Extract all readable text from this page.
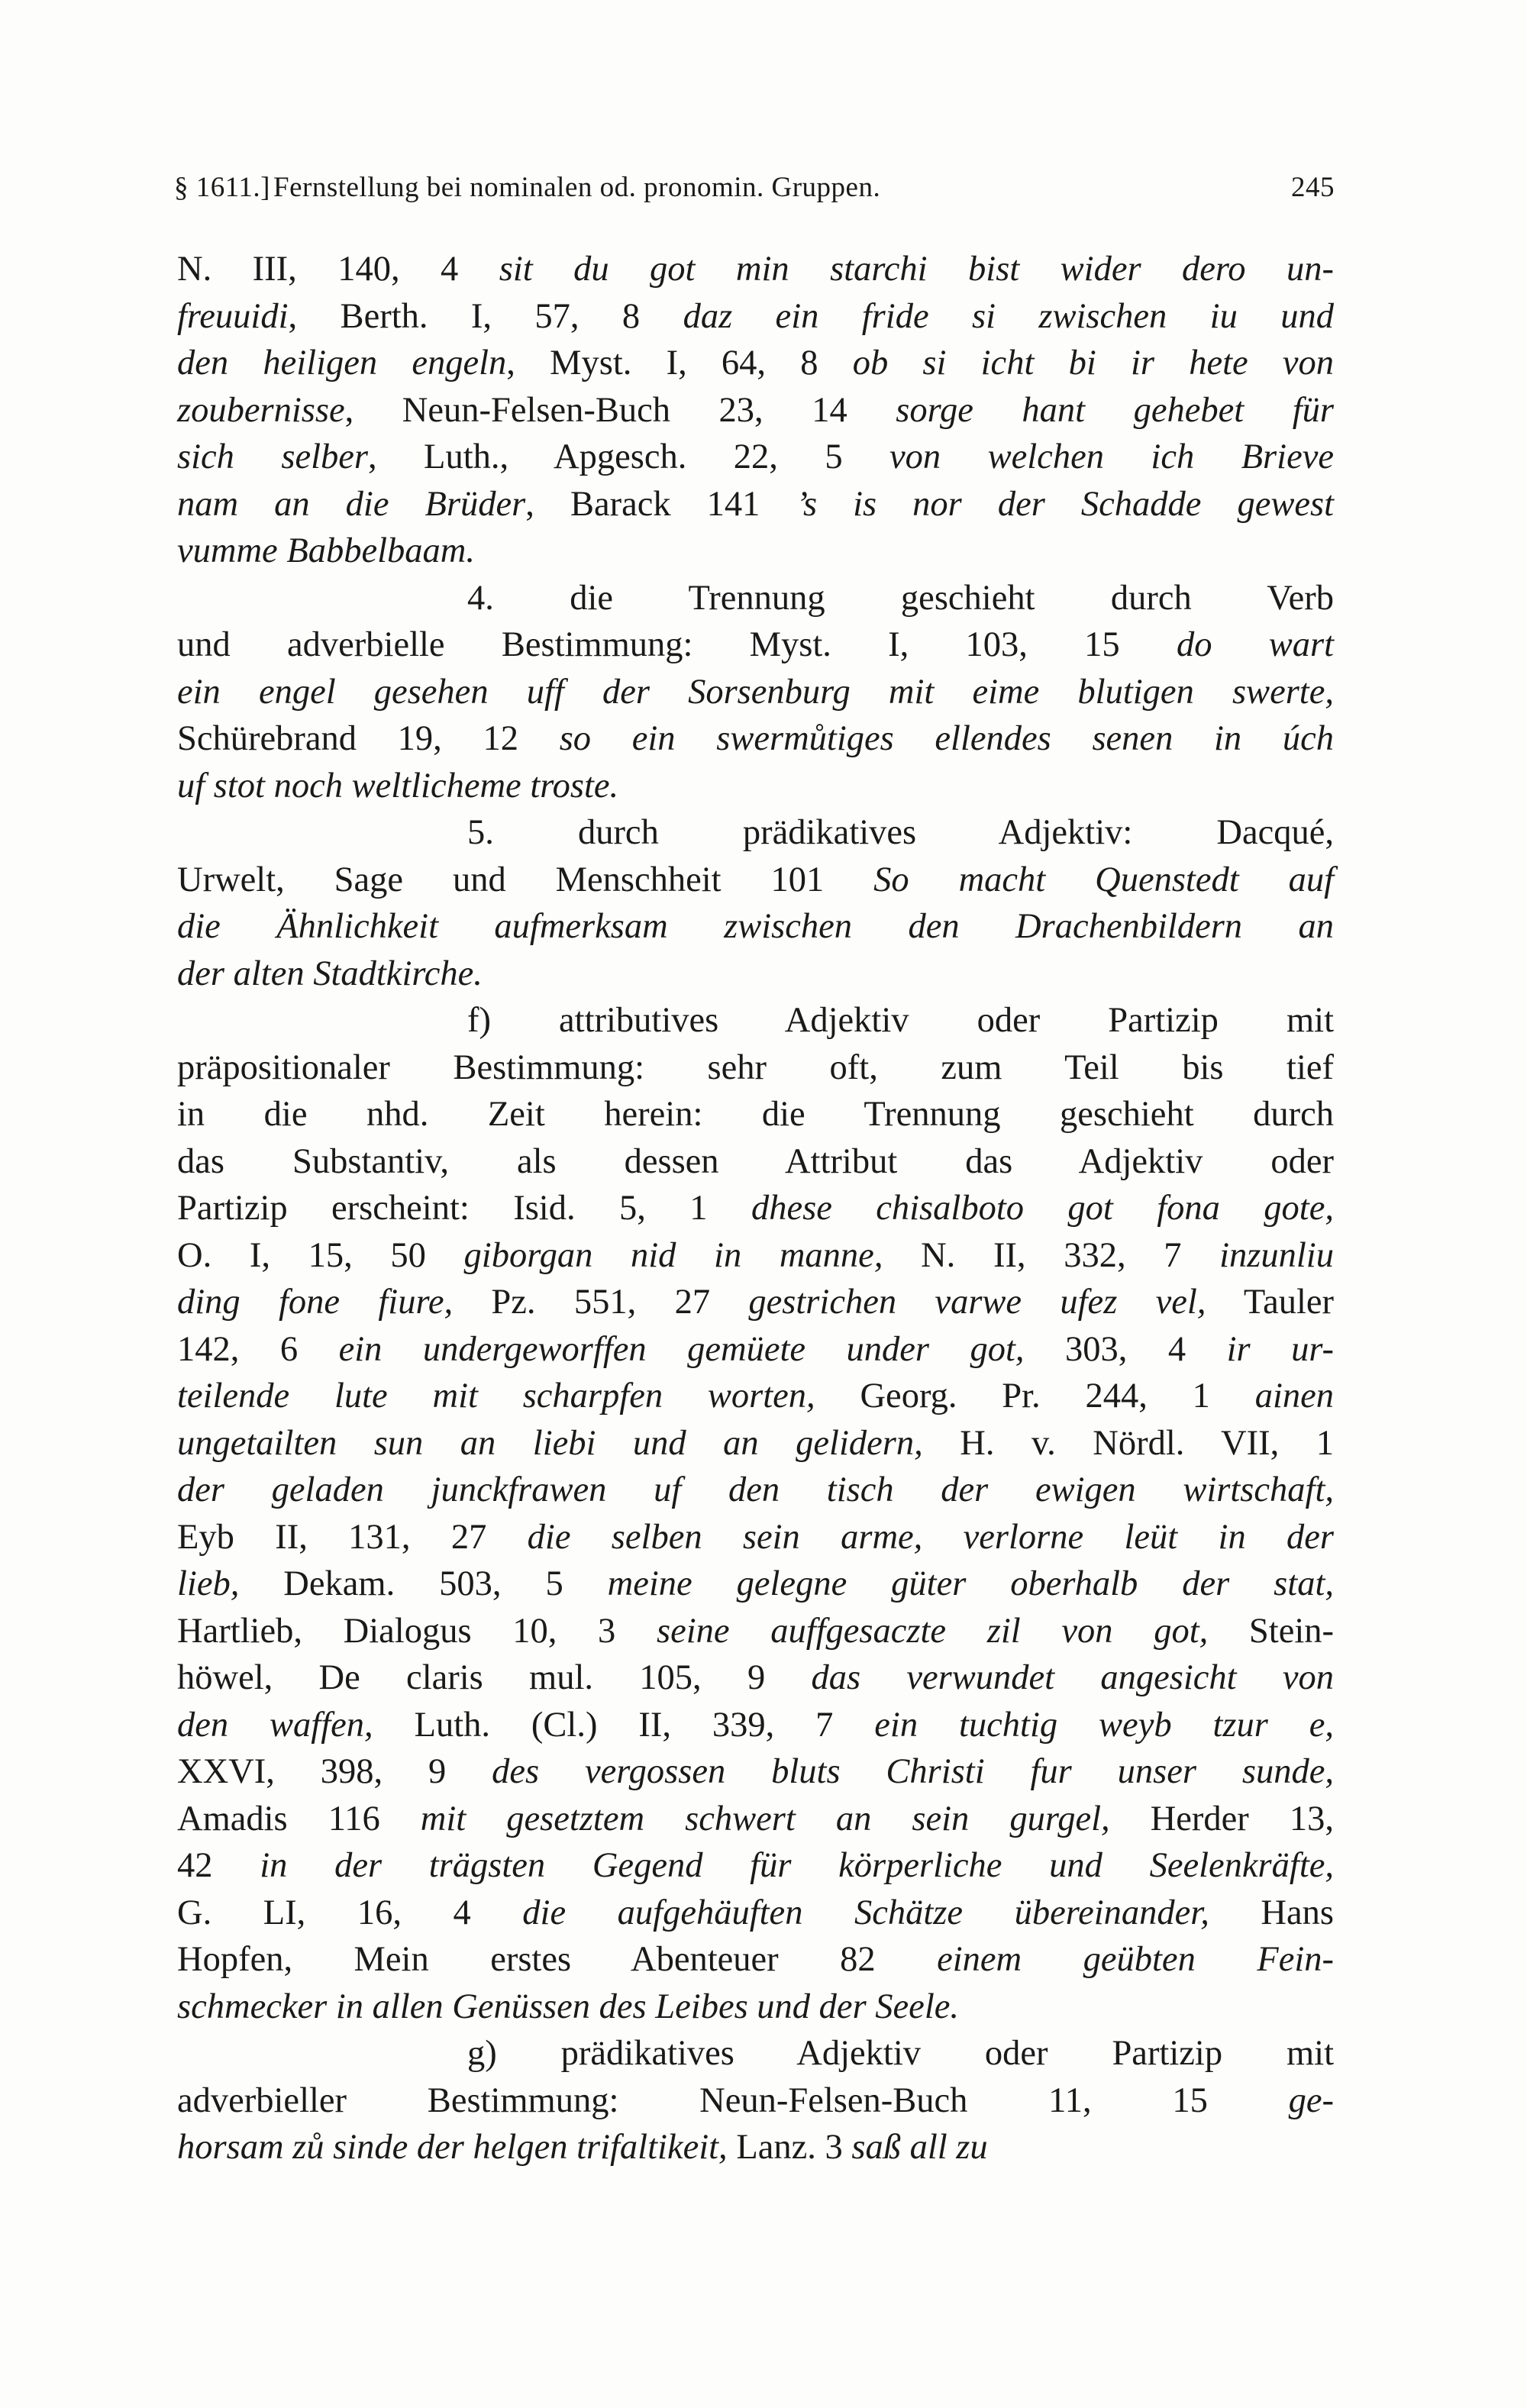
§ 1611.] Fernstellung bei nominalen od. pronomin. Gruppen.	245
N. III, 140, 4 sit du got min starchi bist wider dero un-
freuuidi, Berth. I, 57, 8 daz ein fride si zwischen iu und
den heiligen engeln, Myst. I, 64, 8 ob si icht bi ir hete von
zoubernisse, Neun-Felsen-Buch 23, 14 sorge hant gehebet für
sich selber, Luth., Apgesch. 22, 5 von welchen ich Brieve
nam an die Brüder, Barack 141 ’s is nor der Schadde gewest
vumme Babbelbaam.
4. die Trennung geschieht durch Verb
und adverbielle Bestimmung: Myst. I, 103, 15 do wart
ein engel gesehen uff der Sorsenburg mit eime blutigen swerte,
Schürebrand 19, 12 so ein swermůtiges ellendes senen in úch
uf stot noch weltlicheme troste.
5. durch prädikatives Adjektiv: Dacqué,
Urwelt, Sage und Menschheit 101 So macht Quenstedt auf
die Ähnlichkeit aufmerksam zwischen den Drachenbildern an
der alten Stadtkirche.
f) attributives Adjektiv oder Partizip mit
präpositionaler Bestimmung: sehr oft, zum Teil bis tief
in die nhd. Zeit herein: die Trennung geschieht durch
das Substantiv, als dessen Attribut das Adjektiv oder
Partizip erscheint: Isid. 5, 1 dhese chisalboto got fona gote,
O. I, 15, 50 giborgan nid in manne, N. II, 332, 7 inzunliu
ding fone fiure, Pz. 551, 27 gestrichen varwe ufez vel, Tauler
142, 6 ein undergeworffen gemüete under got, 303, 4 ir ur-
teilende lute mit scharpfen worten, Georg. Pr. 244, 1 ainen
ungetailten sun an liebi und an gelidern, H. v. Nördl. VII, 1
der geladen junckfrawen uf den tisch der ewigen wirtschaft,
Eyb II, 131, 27 die selben sein arme, verlorne leüt in der
lieb, Dekam. 503, 5 meine gelegne güter oberhalb der stat,
Hartlieb, Dialogus 10, 3 seine auffgesaczte zil von got, Stein-
höwel, De claris mul. 105, 9 das verwundet angesicht von
den waffen, Luth. (Cl.) II, 339, 7 ein tuchtig weyb tzur e,
XXVI, 398, 9 des vergossen bluts Christi fur unser sunde,
Amadis 116 mit gesetztem schwert an sein gurgel, Herder 13,
42 in der trägsten Gegend für körperliche und Seelenkräfte,
G. LI, 16, 4 die aufgehäuften Schätze übereinander, Hans
Hopfen, Mein erstes Abenteuer 82 einem geübten Fein-
schmecker in allen Genüssen des Leibes und der Seele.
g) prädikatives Adjektiv oder Partizip mit
adverbieller Bestimmung: Neun-Felsen-Buch 11, 15 ge-
horsam zů sinde der helgen trifaltikeit, Lanz. 3 saß all zu
